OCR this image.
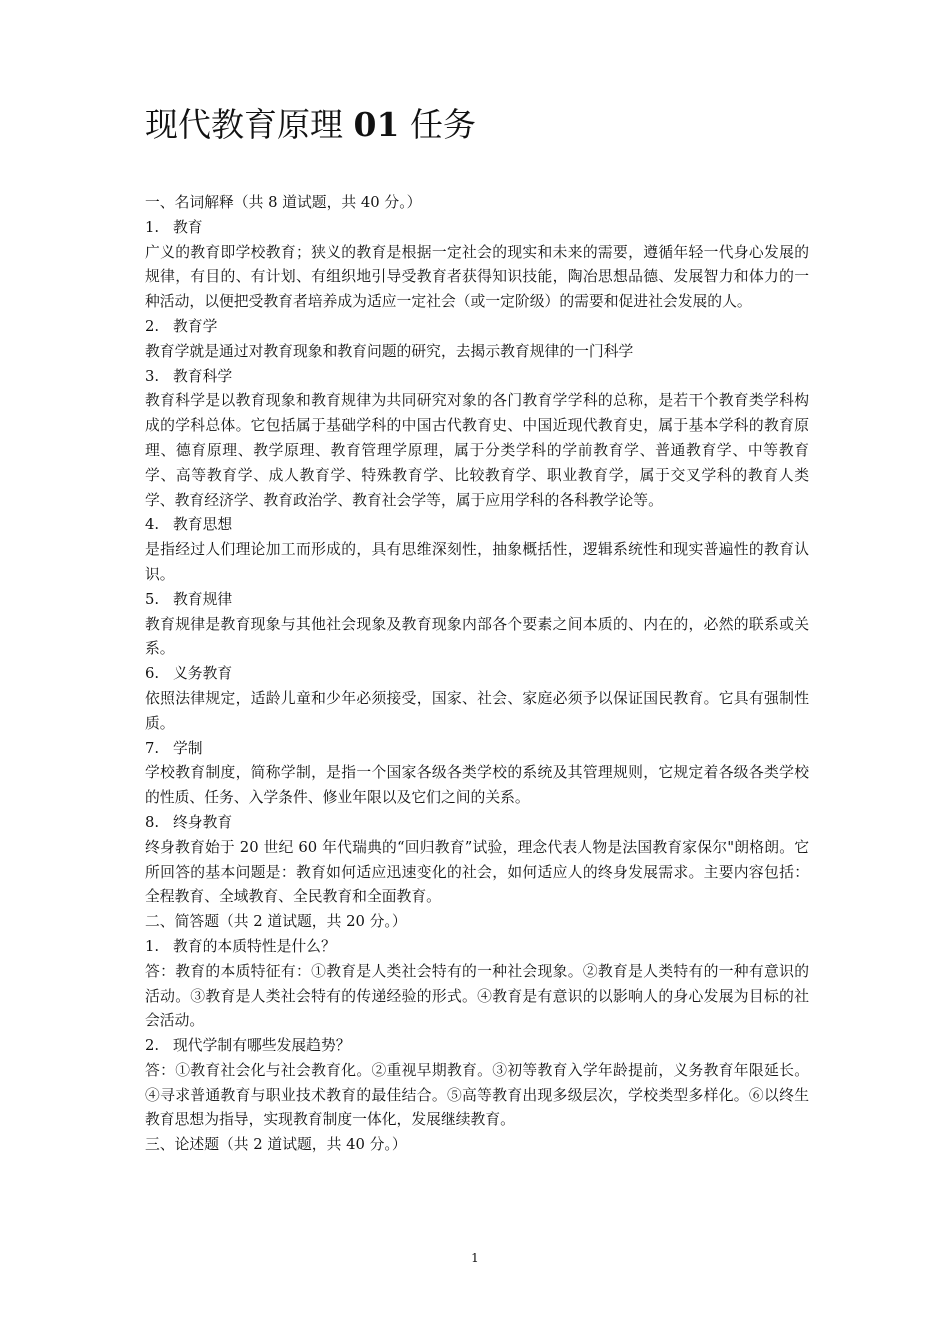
现代教育原理 01 任务

一、名词解释（共 8 道试题，共 40 分。）

1. 教育

广义的教育即学校教育；狭义的教育是根据一定社会的现实和未来的需要，遵循年轻一代身心发展的规律，有目的、有计划、有组织地引导受教育者获得知识技能，陶冶思想品德、发展智力和体力的一种活动，以便把受教育者培养成为适应一定社会（或一定阶级）的需要和促进社会发展的人。

2. 教育学

教育学就是通过对教育现象和教育问题的研究，去揭示教育规律的一门科学

3. 教育科学

教育科学是以教育现象和教育规律为共同研究对象的各门教育学学科的总称，是若干个教育类学科构成的学科总体。它包括属于基础学科的中国古代教育史、中国近现代教育史，属于基本学科的教育原理、德育原理、教学原理、教育管理学原理，属于分类学科的学前教育学、普通教育学、中等教育学、高等教育学、成人教育学、特殊教育学、比较教育学、职业教育学，属于交叉学科的教育人类学、教育经济学、教育政治学、教育社会学等，属于应用学科的各科教学论等。

4. 教育思想

是指经过人们理论加工而形成的，具有思维深刻性，抽象概括性，逻辑系统性和现实普遍性的教育认识。

5. 教育规律

教育规律是教育现象与其他社会现象及教育现象内部各个要素之间本质的、内在的，必然的联系或关系。

6. 义务教育

依照法律规定，适龄儿童和少年必须接受，国家、社会、家庭必须予以保证国民教育。它具有强制性质。

7. 学制

学校教育制度，简称学制，是指一个国家各级各类学校的系统及其管理规则，它规定着各级各类学校的性质、任务、入学条件、修业年限以及它们之间的关系。

8. 终身教育

终身教育始于 20 世纪 60 年代瑞典的“回归教育”试验，理念代表人物是法国教育家保尔"朗格朗。它所回答的基本问题是：教育如何适应迅速变化的社会，如何适应人的终身发展需求。主要内容包括：全程教育、全域教育、全民教育和全面教育。

二、简答题（共 2 道试题，共 20 分。）

1. 教育的本质特性是什么？

答：教育的本质特征有：①教育是人类社会特有的一种社会现象。②教育是人类特有的一种有意识的活动。③教育是人类社会特有的传递经验的形式。④教育是有意识的以影响人的身心发展为目标的社会活动。

2. 现代学制有哪些发展趋势？

答：①教育社会化与社会教育化。②重视早期教育。③初等教育入学年龄提前，义务教育年限延长。④寻求普通教育与职业技术教育的最佳结合。⑤高等教育出现多级层次，学校类型多样化。⑥以终生教育思想为指导，实现教育制度一体化，发展继续教育。

三、论述题（共 2 道试题，共 40 分。）

1
